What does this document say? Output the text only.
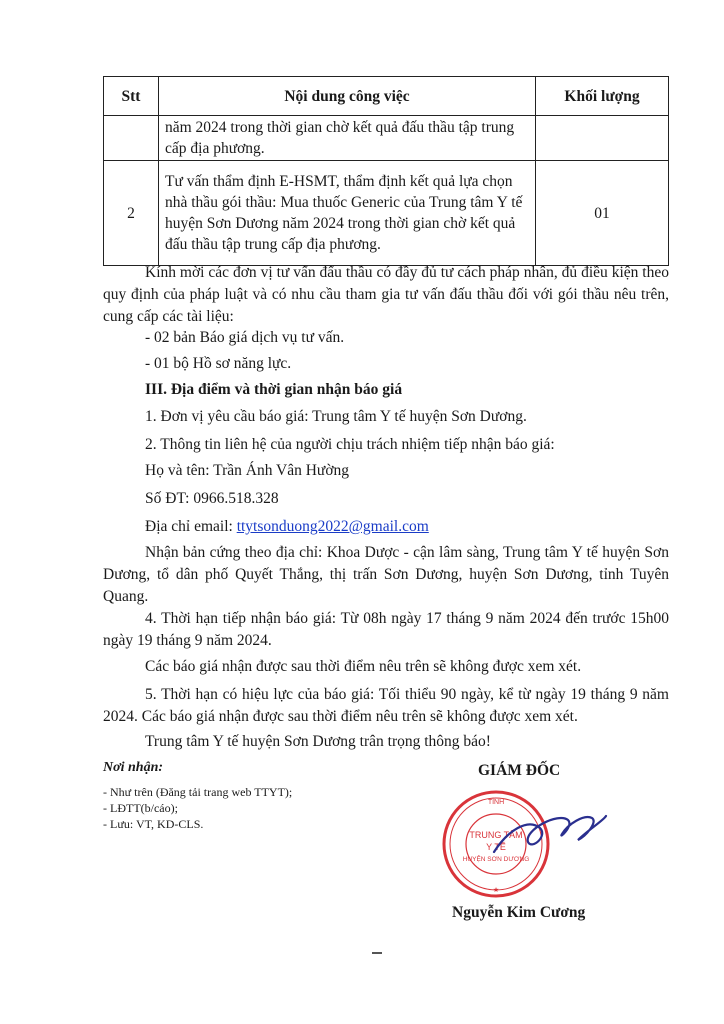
Stt	Nội dung công việc	Khối lượng
	năm 2024 trong thời gian chờ kết quả đấu thầu tập trung cấp địa phương.	
2	Tư vấn thẩm định E-HSMT, thẩm định kết quả lựa chọn nhà thầu gói thầu: Mua thuốc Generic của Trung tâm Y tế huyện Sơn Dương năm 2024 trong thời gian chờ kết quả đấu thầu tập trung cấp địa phương.	01

Kính mời các đơn vị tư vấn đấu thầu có đầy đủ tư cách pháp nhân, đủ điều kiện theo quy định của pháp luật và có nhu cầu tham gia tư vấn đấu thầu đối với gói thầu nêu trên, cung cấp các tài liệu:

- 02 bản Báo giá dịch vụ tư vấn.
- 01 bộ Hồ sơ năng lực.
III. Địa điểm và thời gian nhận báo giá
1. Đơn vị yêu cầu báo giá: Trung tâm Y tế huyện Sơn Dương.
2. Thông tin liên hệ của người chịu trách nhiệm tiếp nhận báo giá:
Họ và tên: Trần Ánh Vân Hường
Số ĐT: 0966.518.328
Địa chỉ email: ttytsonduong2022@gmail.com

Nhận bản cứng theo địa chỉ: Khoa Dược - cận lâm sàng, Trung tâm Y tế huyện Sơn Dương, tổ dân phố Quyết Thắng, thị trấn Sơn Dương, huyện Sơn Dương, tỉnh Tuyên Quang.

4. Thời hạn tiếp nhận báo giá: Từ 08h ngày 17 tháng 9 năm 2024 đến trước 15h00 ngày 19 tháng 9 năm 2024.

Các báo giá nhận được sau thời điểm nêu trên sẽ không được xem xét.

5. Thời hạn có hiệu lực của báo giá: Tối thiểu 90 ngày, kể từ ngày 19 tháng 9 năm 2024. Các báo giá nhận được sau thời điểm nêu trên sẽ không được xem xét.

Trung tâm Y tế huyện Sơn Dương trân trọng thông báo!
Nơi nhận:

- Như trên (Đăng tải trang web TTYT);

- LĐTT(b/cáo);

- Lưu: VT, KD-CLS.

GIÁM ĐỐC
TRUNG TÂM
Y TẾ
HUYỆN SƠN DƯƠNG
TỈNH
★
Nguyễn Kim Cương
